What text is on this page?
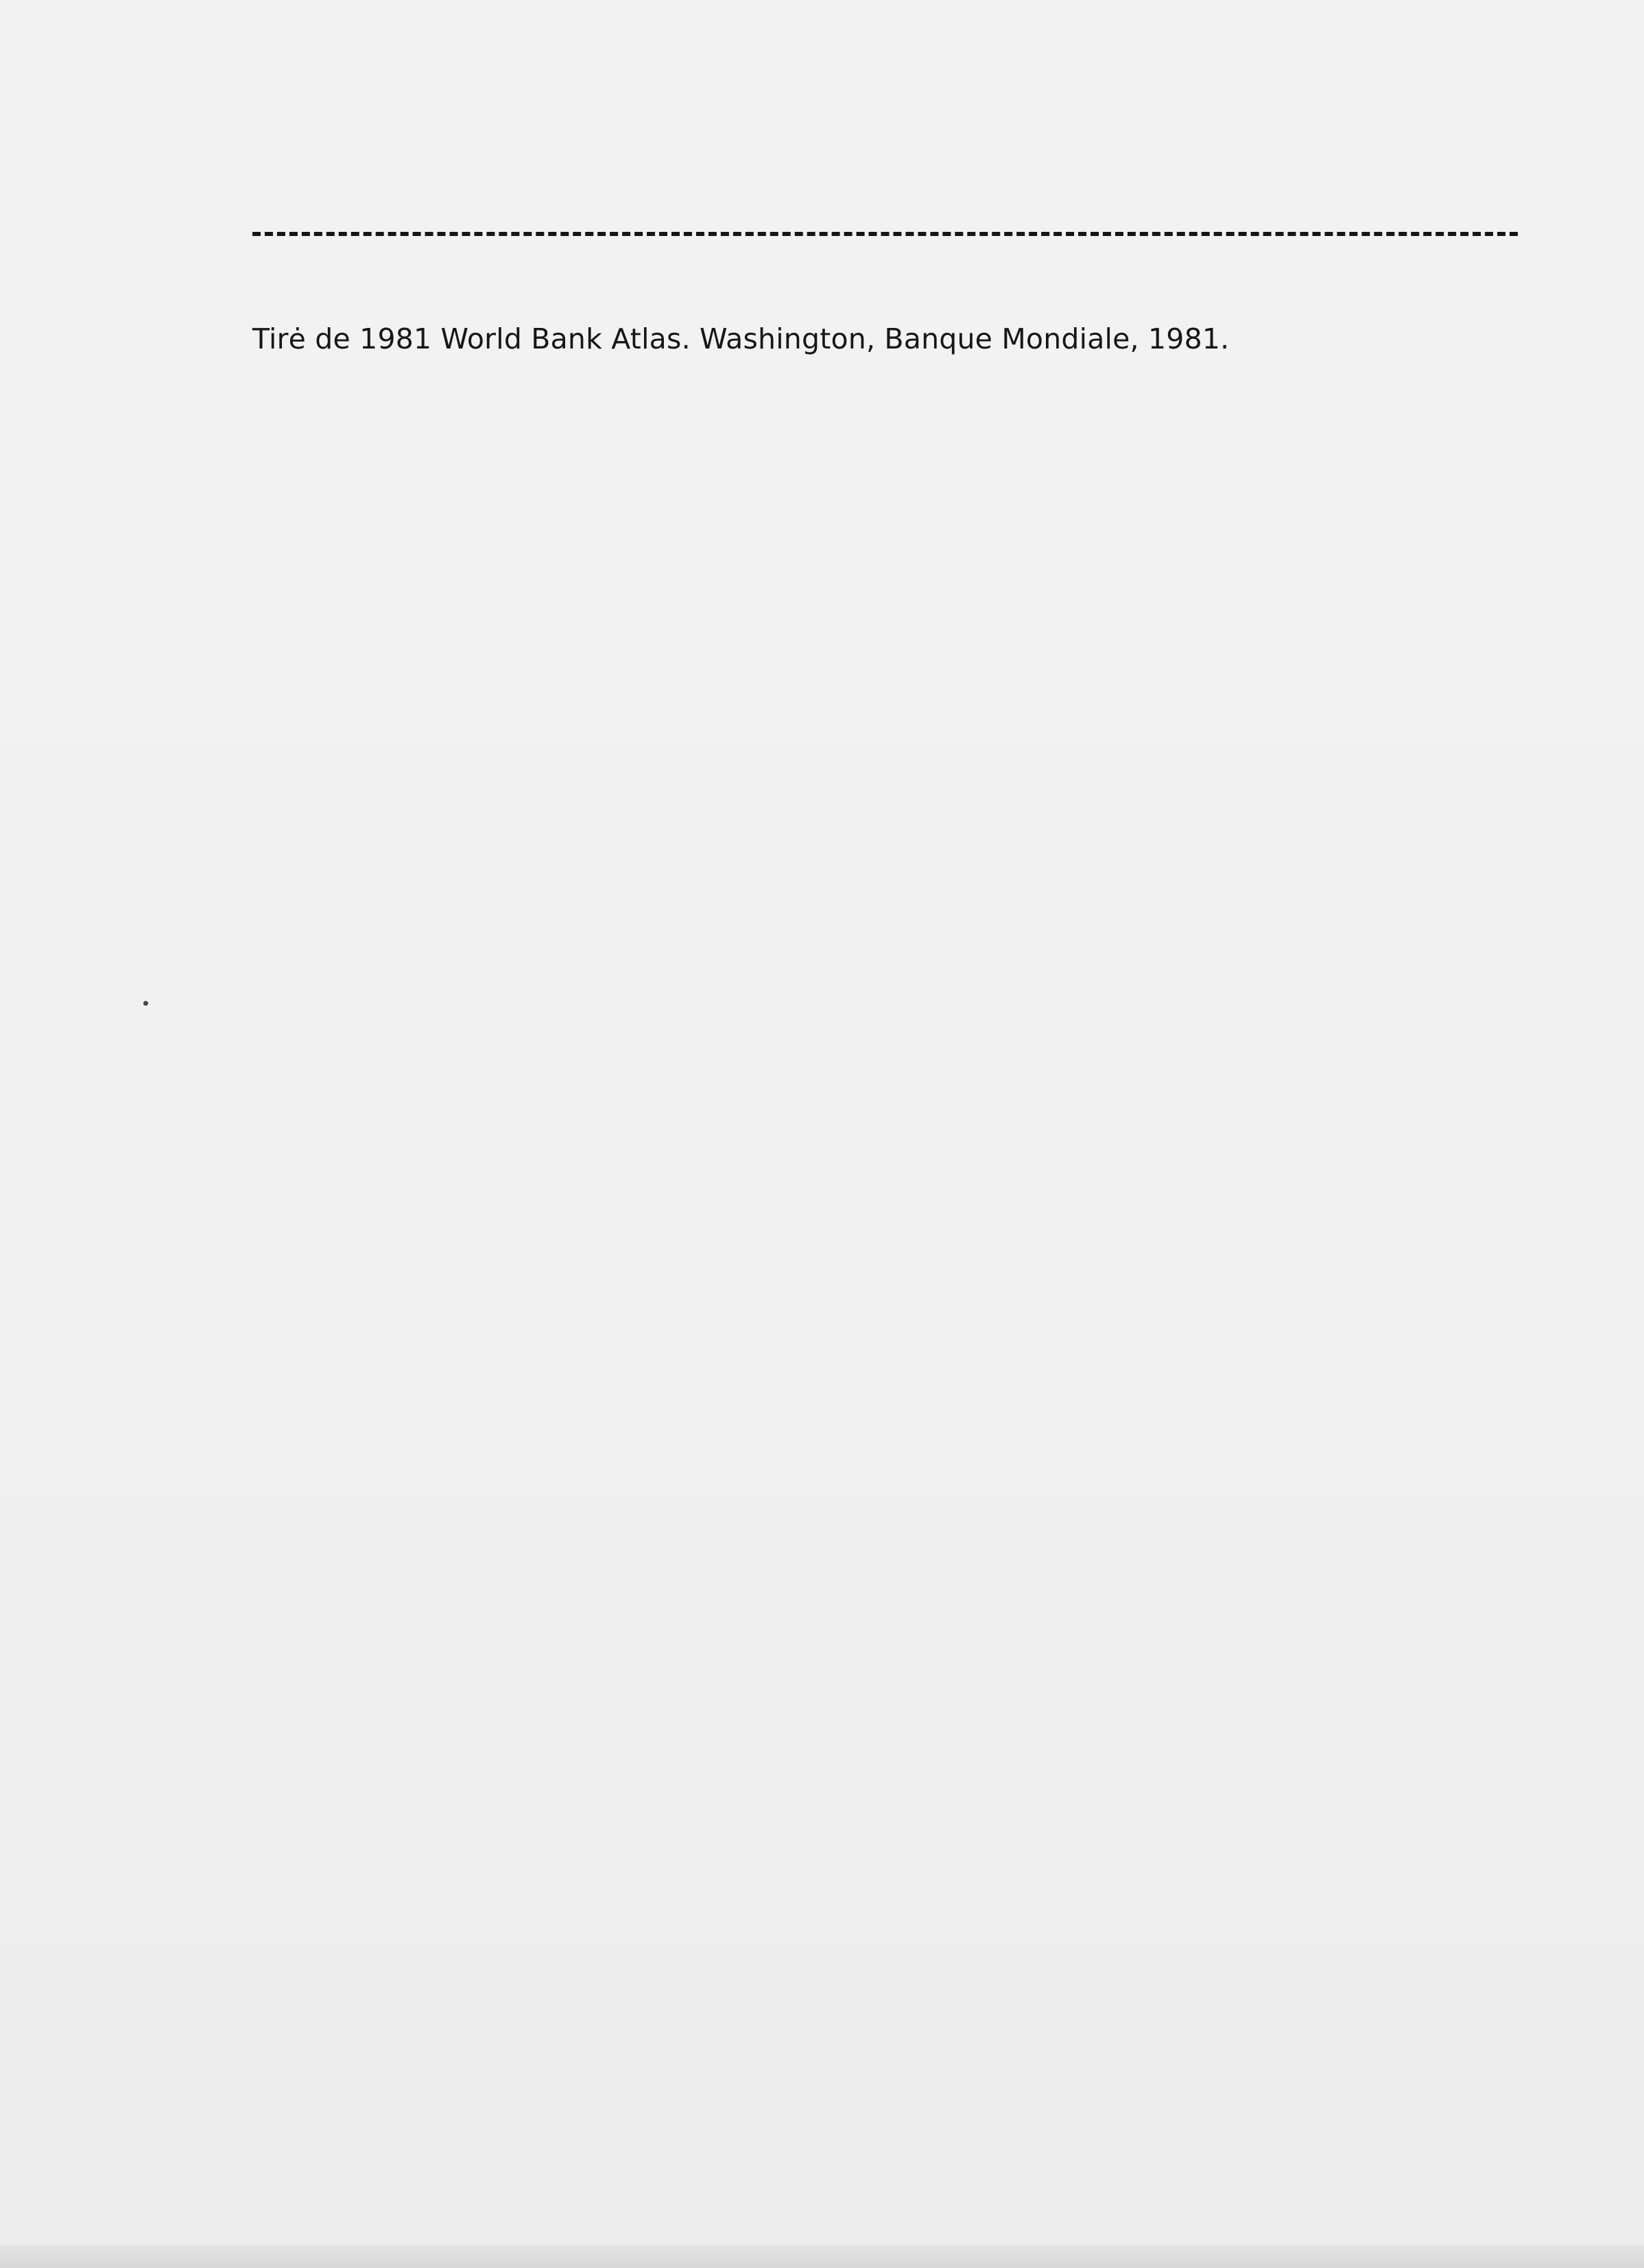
Tirė de 1981 World Bank Atlas. Washington, Banque Mondiale, 1981.
